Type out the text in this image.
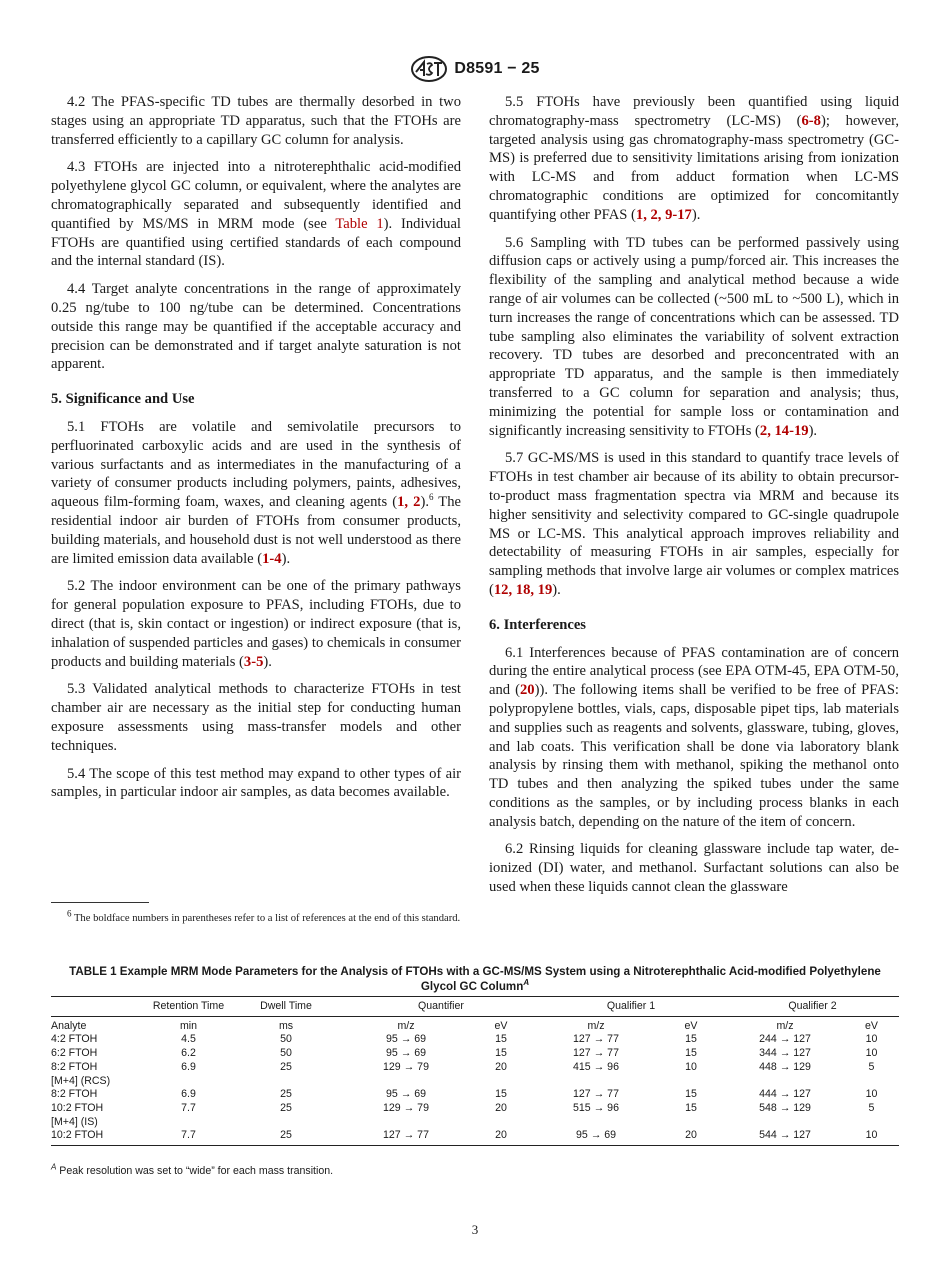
D8591 − 25

4.2 The PFAS-specific TD tubes are thermally desorbed in two stages using an appropriate TD apparatus, such that the FTOHs are transferred efficiently to a capillary GC column for analysis.

4.3 FTOHs are injected into a nitroterephthalic acid-modified polyethylene glycol GC column, or equivalent, where the analytes are chromatographically separated and subsequently identified and quantified by MS/MS in MRM mode (see Table 1). Individual FTOHs are quantified using certified standards of each compound and the internal standard (IS).

4.4 Target analyte concentrations in the range of approximately 0.25 ng/tube to 100 ng/tube can be determined. Concentrations outside this range may be quantified if the acceptable accuracy and precision can be demonstrated and if target analyte saturation is not apparent.

5. Significance and Use

5.1 FTOHs are volatile and semivolatile precursors to perfluorinated carboxylic acids and are used in the synthesis of various surfactants and as intermediates in the manufacturing of a variety of consumer products including polymers, paints, adhesives, aqueous film-forming foam, waxes, and cleaning agents (1, 2).$^6$ The residential indoor air burden of FTOHs from consumer products, building materials, and household dust is not well understood as there are limited emission data available (1-4).

5.2 The indoor environment can be one of the primary pathways for general population exposure to PFAS, including FTOHs, due to direct (that is, skin contact or ingestion) or indirect exposure (that is, inhalation of suspended particles and gases) to chemicals in consumer products and building materials (3-5).

5.3 Validated analytical methods to characterize FTOHs in test chamber air are necessary as the initial step for conducting human exposure assessments using mass-transfer models and other techniques.

5.4 The scope of this test method may expand to other types of air samples, in particular indoor air samples, as data becomes available.

5.5 FTOHs have previously been quantified using liquid chromatography-mass spectrometry (LC-MS) (6-8); however, targeted analysis using gas chromatography-mass spectrometry (GC-MS) is preferred due to sensitivity limitations arising from ionization with LC-MS and from adduct formation when LC-MS chromatographic conditions are optimized for concomitantly quantifying other PFAS (1, 2, 9-17).

5.6 Sampling with TD tubes can be performed passively using diffusion caps or actively using a pump/forced air. This increases the flexibility of the sampling and analytical method because a wide range of air volumes can be collected (~500 mL to ~500 L), which in turn increases the range of concentrations which can be assessed. TD tube sampling also eliminates the variability of solvent extraction recovery. TD tubes are desorbed and preconcentrated with an appropriate TD apparatus, and the sample is then immediately transferred to a GC column for separation and analysis; thus, minimizing the potential for sample loss or contamination and significantly increasing sensitivity to FTOHs (2, 14-19).

5.7 GC-MS/MS is used in this standard to quantify trace levels of FTOHs in test chamber air because of its ability to obtain precursor-to-product mass fragmentation spectra via MRM and because its higher sensitivity and selectivity compared to GC-single quadrupole MS or LC-MS. This analytical approach improves reliability and detectability of measuring FTOHs in air samples, especially for sampling methods that involve large air volumes or complex matrices (12, 18, 19).

6. Interferences

6.1 Interferences because of PFAS contamination are of concern during the entire analytical process (see EPA OTM-45, EPA OTM-50, and (20)). The following items shall be verified to be free of PFAS: polypropylene bottles, vials, caps, disposable pipet tips, lab materials and supplies such as reagents and solvents, glassware, tubing, gloves, and lab coats. This verification shall be done via laboratory blank analysis by rinsing them with methanol, spiking the methanol onto TD tubes and then analyzing the spiked tubes under the same conditions as the samples, or by including process blanks in each analysis batch, depending on the nature of the item of concern.

6.2 Rinsing liquids for cleaning glassware include tap water, de-ionized (DI) water, and methanol. Surfactant solutions can also be used when these liquids cannot clean the glassware

$^6$ The boldface numbers in parentheses refer to a list of references at the end of this standard.
TABLE 1 Example MRM Mode Parameters for the Analysis of FTOHs with a GC-MS/MS System using a Nitroterephthalic Acid-modified Polyethylene Glycol GC Column$^A$
	Retention Time	Dwell Time	Quantifier		Qualifier 1		Qualifier 2	
Analyte	min	ms	m/z	eV	m/z	eV	m/z	eV
4:2 FTOH	4.5	50	95 → 69	15	127 → 77	15	244 → 127	10
6:2 FTOH	6.2	50	95 → 69	15	127 → 77	15	344 → 127	10
8:2 FTOH	6.9	25	129 → 79	20	415 → 96	10	448 → 129	5
[M+4] (RCS)								
8:2 FTOH	6.9	25	95 → 69	15	127 → 77	15	444 → 127	10
10:2 FTOH	7.7	25	129 → 79	20	515 → 96	15	548 → 129	5
[M+4] (IS)								
10:2 FTOH	7.7	25	127 → 77	20	95 → 69	20	544 → 127	10
$^A$ Peak resolution was set to “wide” for each mass transition.
3
